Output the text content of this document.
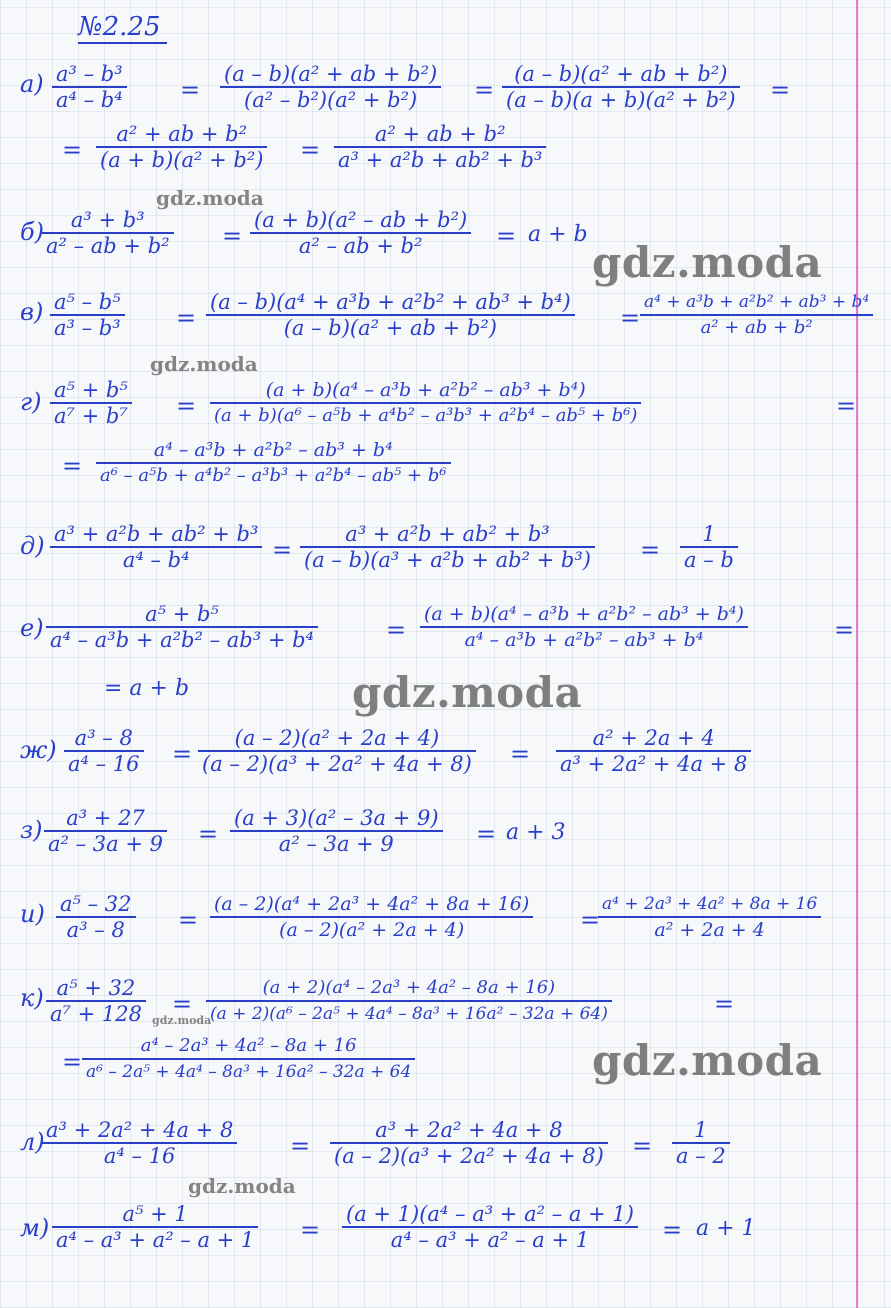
№2.25
$а) \frac{\text{a³ – b³}}{\text{a⁴ – b⁴}} = \frac{\text{(a – b)(a² + ab + b²)}}{\text{(a² – b²)(a² + b²)}} = \frac{\text{(a – b)(a² + ab + b²)}}{\text{(a – b)(a + b)(a² + b²)}}$ =
= $\frac{\text{a² + ab + b²}}{\text{(a + b)(a² + b²)}} = \frac{\text{a² + ab + b²}}{\text{a³ + a²b + ab² + b³}}$
gdz.moda
б)
$\frac{\text{a³ + b³}}{\text{a² – ab + b²}} = \frac{\text{(a + b)(a² – ab + b²)}}{\text{a² – ab + b²}} = a + b$
gdz.moda
$в) \frac{\text{a⁵ – b⁵}}{\text{a³ – b³}} = \frac{\text{(a – b)(a⁴ + a³b + a²b² + ab³ + b⁴)}}{\text{(a – b)(a² + ab + b²)}} = \frac{\text{a⁴ + a³b + a²b² + ab³ + b⁴}}{\text{a² + ab + b²}}$
gdz.moda
$г) \frac{\text{a⁵ + b⁵}}{\text{a⁷ + b⁷}} = \frac{\text{(a + b)(a⁴ – a³b + a²b² – ab³ + b⁴)}}{\text{(a + b)(a⁶ – a⁵b + a⁴b² – a³b³ + a²b⁴ – ab⁵ + b⁶)}}$	=
= $\frac{\text{a⁴ – a³b + a²b² – ab³ + b⁴}}{\text{a⁶ – a⁵b + a⁴b² – a³b³ + a²b⁴ – ab⁵ + b⁶}}$
$д) \frac{\text{a³ + a²b + ab² + b³}}{\text{a⁴ – b⁴}} = \frac{\text{a³ + a²b + ab² + b³}}{\text{(a – b)(a³ + a²b + ab² + b³)}} = \frac{1}{a - b}$
$е) \frac{\text{a⁵ + b⁵}}{\text{a⁴ – a³b + a²b² – ab³ + b⁴}}$	= $\frac{\text{(a + b)(a⁴ – a³b + a²b² – ab³ + b⁴)}}{\text{a⁴ – a³b + a²b² – ab³ + b⁴}}$	=
= a + b	gdz.moda
$ж) \frac{\text{a³ – 8}}{\text{a⁴ – 16}} = \frac{\text{(a – 2)(a² + 2a + 4)}}{\text{(a – 2)(a³ + 2a² + 4a + 8)}} = \frac{\text{a² + 2a + 4}}{\text{a³ + 2a² + 4a + 8}}$
$з) \frac{\text{a³ + 27}}{\text{a² – 3a + 9}} = \frac{\text{(a + 3)(a² – 3a + 9)}}{\text{a² – 3a + 9}} = a + 3$
$и) \frac{\text{a⁵ – 32}}{\text{a³ – 8}} = \frac{\text{(a – 2)(a⁴ + 2a³ + 4a² + 8a + 16)}}{\text{(a – 2)(a² + 2a + 4)}}$ =
$\frac{\text{a⁴ + 2a³ + 4a² + 8a + 16}}{\text{a² + 2a + 4}}$
$к) \frac{\text{a⁵ + 32}}{\text{a⁷ + 128}}$ gdz.moda
= $\frac{\text{(a + 2)(a⁴ – 2a³ + 4a² – 8a + 16)}}{\text{(a + 2)(a⁶ – 2a⁵ + 4a⁴ – 8a³ + 16a² – 32a + 64)}}$	=
= $\frac{\text{a⁴ – 2a³ + 4a² – 8a + 16}}{\text{a⁶ – 2a⁵ + 4a⁴ – 8a³ + 16a² – 32a + 64}}$	gdz.moda
л)
$\frac{\text{a³ + 2a² + 4a + 8}}{\text{a⁴ – 16}} = \frac{\text{a³ + 2a² + 4a + 8}}{\text{(a – 2)(a³ + 2a² + 4a + 8)}} = \frac{1}{a - 2}$
gdz.moda
$м) \frac{\text{a⁵ + 1}}{\text{a⁴ – a³ + a² – a + 1}} = \frac{\text{(a + 1)(a⁴ – a³ + a² – a + 1)}}{\text{a⁴ – a³ + a² – a + 1}} = a + 1$
